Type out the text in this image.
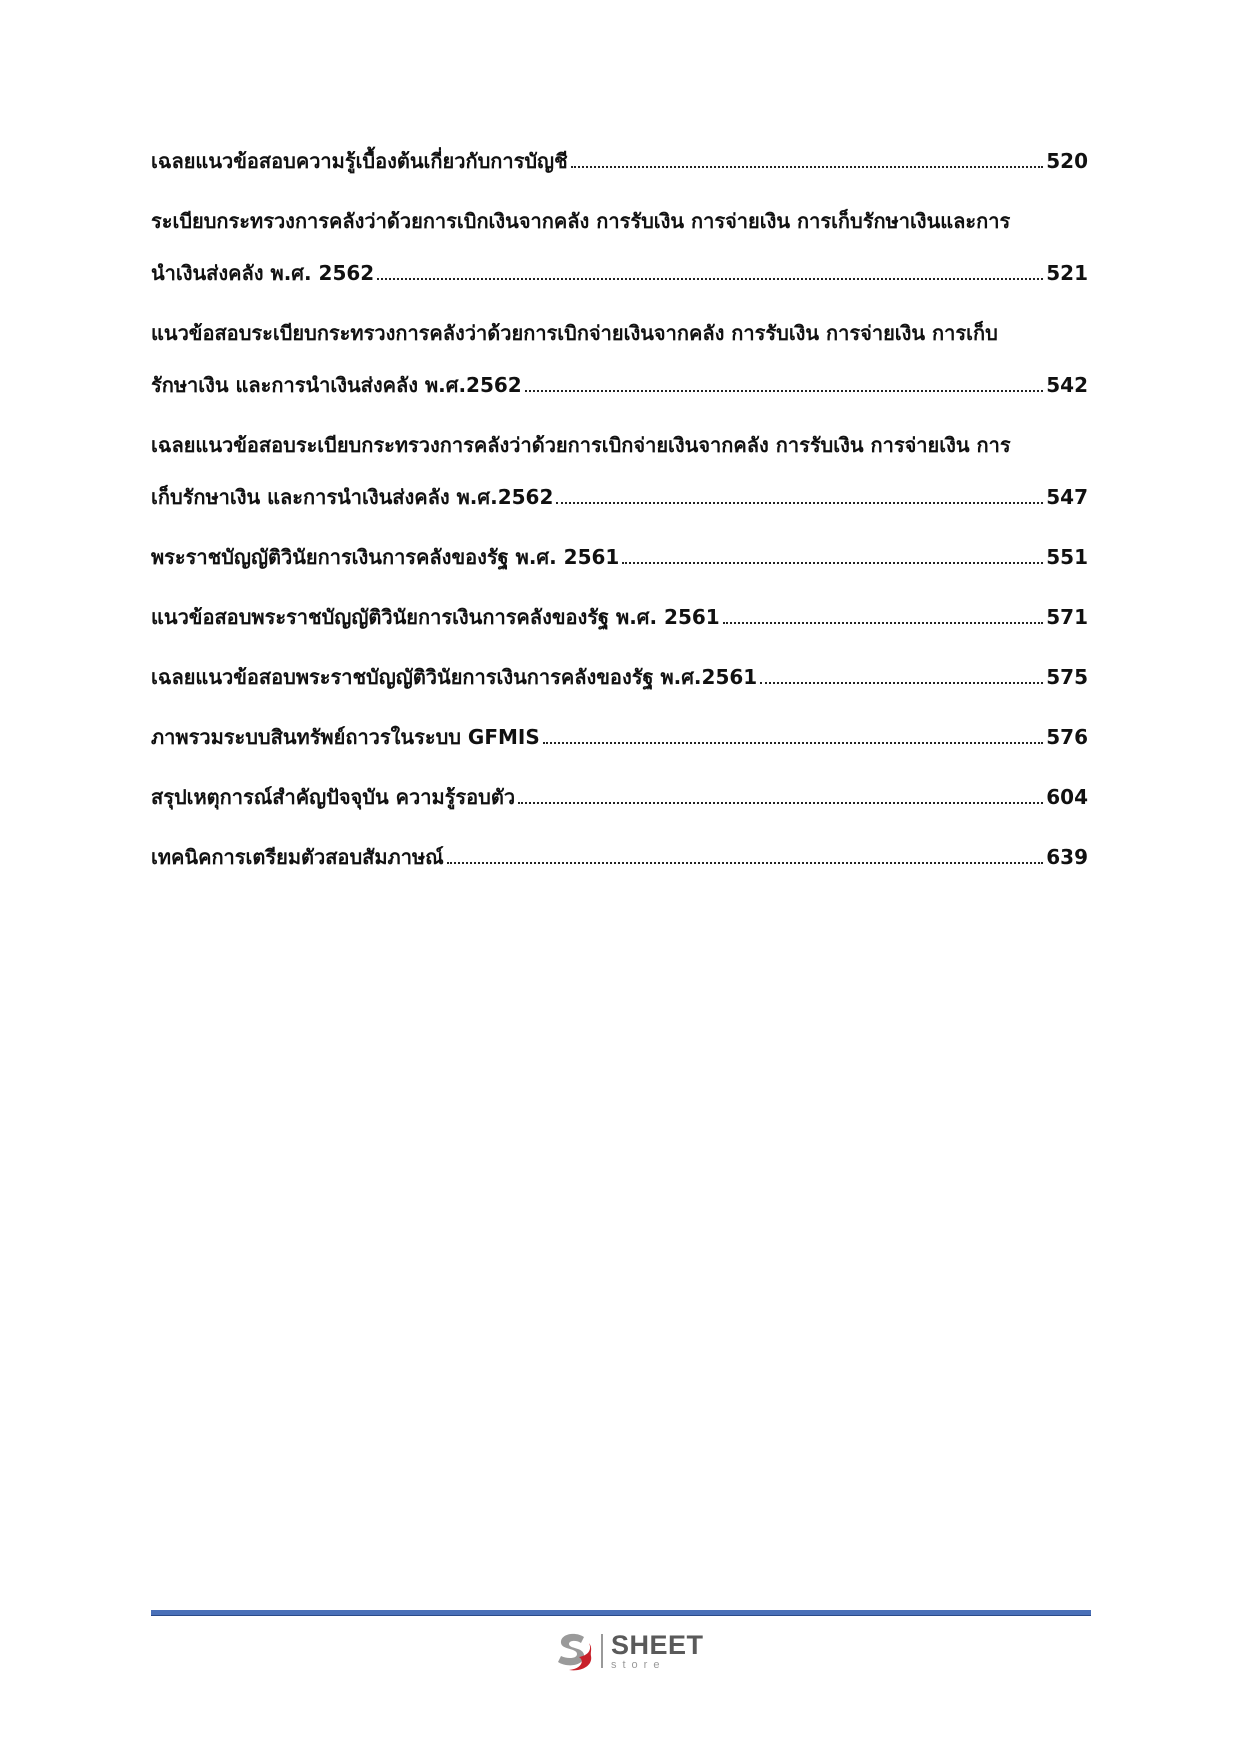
เฉลยแนวข้อสอบความรู้เบื้องต้นเกี่ยวกับการบัญชี	520
ระเบียบกระทรวงการคลังว่าด้วยการเบิกเงินจากคลัง การรับเงิน การจ่ายเงิน การเก็บรักษาเงินและการ
นำเงินส่งคลัง พ.ศ. 2562	521
แนวข้อสอบระเบียบกระทรวงการคลังว่าด้วยการเบิกจ่ายเงินจากคลัง การรับเงิน การจ่ายเงิน การเก็บ
รักษาเงิน และการนำเงินส่งคลัง พ.ศ.2562	542
เฉลยแนวข้อสอบระเบียบกระทรวงการคลังว่าด้วยการเบิกจ่ายเงินจากคลัง การรับเงิน การจ่ายเงิน การ
เก็บรักษาเงิน และการนำเงินส่งคลัง พ.ศ.2562	547
พระราชบัญญัติวินัยการเงินการคลังของรัฐ พ.ศ. 2561	551
แนวข้อสอบพระราชบัญญัติวินัยการเงินการคลังของรัฐ พ.ศ. 2561	571
เฉลยแนวข้อสอบพระราชบัญญัติวินัยการเงินการคลังของรัฐ พ.ศ.2561	575
ภาพรวมระบบสินทรัพย์ถาวรในระบบ GFMIS	576
สรุปเหตุการณ์สำคัญปัจจุบัน ความรู้รอบตัว	604
เทคนิคการเตรียมตัวสอบสัมภาษณ์	639
SHEET
store
